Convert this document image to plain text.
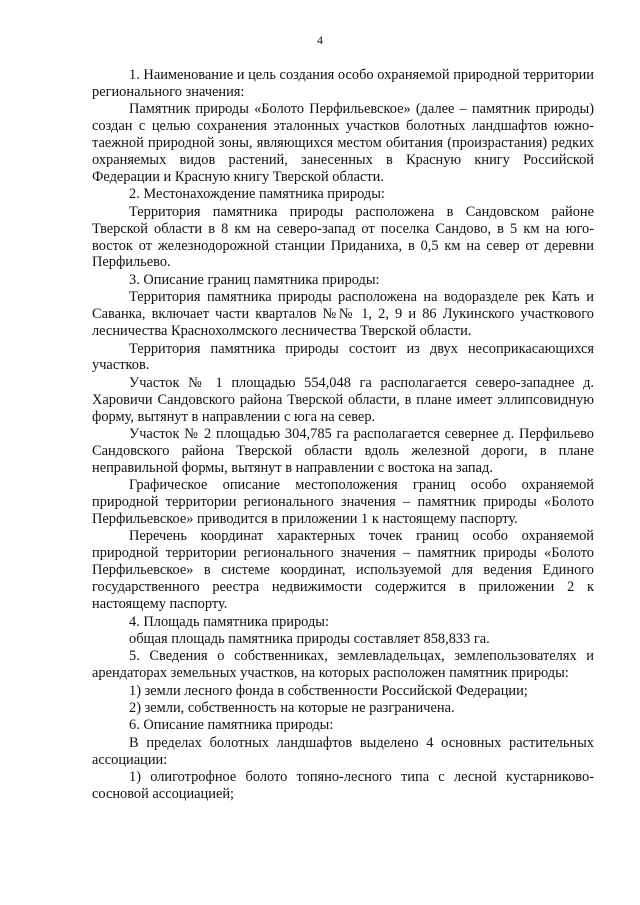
4

1. Наименование и цель создания особо охраняемой природной территории регионального значения:

Памятник природы «Болото Перфильевское» (далее – памятник природы) создан с целью сохранения эталонных участков болотных ландшафтов южно-таежной природной зоны, являющихся местом обитания (произрастания) редких охраняемых видов растений, занесенных в Красную книгу Российской Федерации и Красную книгу Тверской области.

2. Местонахождение памятника природы:

Территория памятника природы расположена в Сандовском районе Тверской области в 8 км на северо-запад от поселка Сандово, в 5 км на юго-восток от железнодорожной станции Приданиха, в 0,5 км на север от деревни Перфильево.

3. Описание границ памятника природы:

Территория памятника природы расположена на водоразделе рек Кать и Саванка, включает части кварталов №№ 1, 2, 9 и 86 Лукинского участкового лесничества Краснохолмского лесничества Тверской области.

Территория памятника природы состоит из двух несоприкасающихся участков.

Участок № 1 площадью 554,048 га располагается северо-западнее д. Харовичи Сандовского района Тверской области, в плане имеет эллипсовидную форму, вытянут в направлении с юга на север.

Участок № 2 площадью 304,785 га располагается севернее д. Перфильево Сандовского района Тверской области вдоль железной дороги, в плане неправильной формы, вытянут в направлении с востока на запад.

Графическое описание местоположения границ особо охраняемой природной территории регионального значения – памятник природы «Болото Перфильевское» приводится в приложении 1 к настоящему паспорту.

Перечень координат характерных точек границ особо охраняемой природной территории регионального значения – памятник природы «Болото Перфильевское» в системе координат, используемой для ведения Единого государственного реестра недвижимости содержится в приложении 2 к настоящему паспорту.

4. Площадь памятника природы:

общая площадь памятника природы составляет 858,833 га.

5. Сведения о собственниках, землевладельцах, землепользователях и арендаторах земельных участков, на которых расположен памятник природы:

1) земли лесного фонда в собственности Российской Федерации;

2) земли, собственность на которые не разграничена.

6. Описание памятника природы:

В пределах болотных ландшафтов выделено 4 основных растительных ассоциации:

1) олиготрофное болото топяно-лесного типа с лесной кустарниково-сосновой ассоциацией;
